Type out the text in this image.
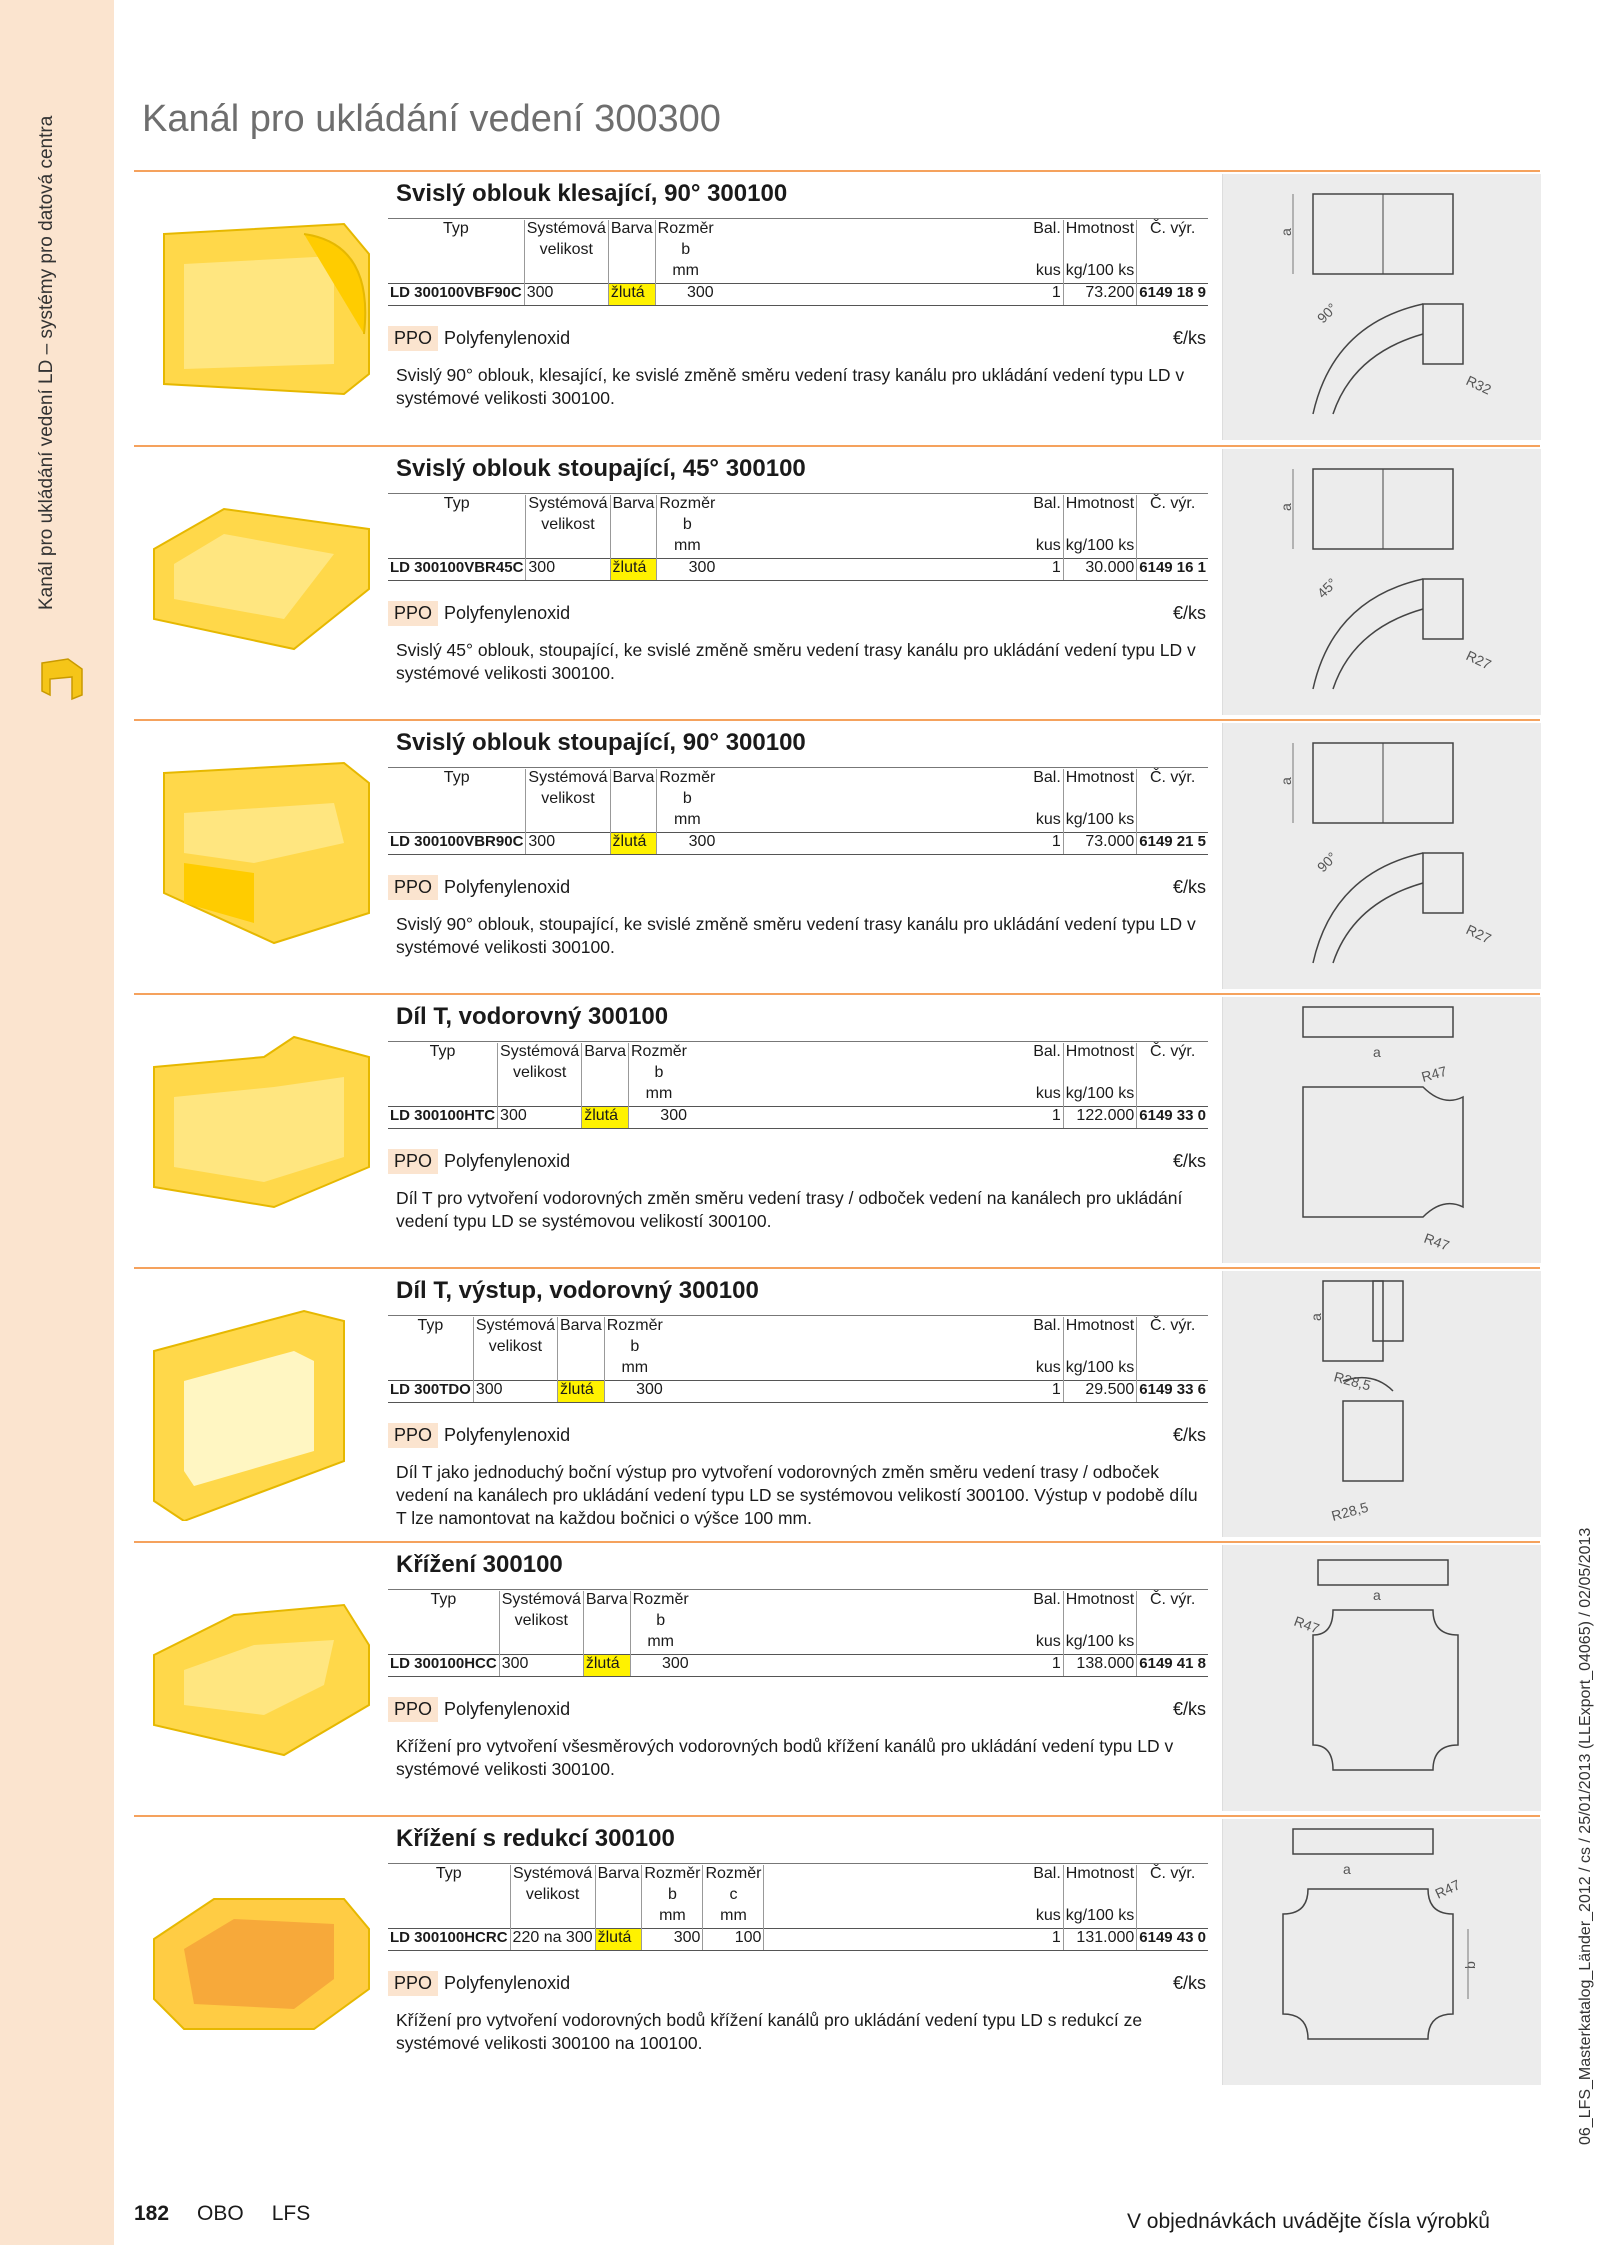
Kanál pro ukládání vedení LD – systémy pro datová centra Kanál pro ukládání vedení 300300
Svislý oblouk klesající, 90° 300100
Typ	Systémová	Barva	Rozměr		Bal.	Hmotnost	Č. výr.
	velikost		b				
			mm		kus	kg/100 ks	
LD 300100VBF90C	300	žlutá	300		1	73.200	6149 18 9
PPO Polyfenylenoxid	€/ks
Svislý 90° oblouk, klesající, ke svislé změně směru vedení trasy kanálu pro ukládání vedení typu LD v systémové velikosti 300100.
a
90°
R32
Svislý oblouk stoupající, 45° 300100
Typ	Systémová	Barva	Rozměr		Bal.	Hmotnost	Č. výr.
	velikost		b				
			mm		kus	kg/100 ks	
LD 300100VBR45C	300	žlutá	300		1	30.000	6149 16 1
PPO Polyfenylenoxid	€/ks
Svislý 45° oblouk, stoupající, ke svislé změně směru vedení trasy kanálu pro ukládání vedení typu LD v systémové velikosti 300100.
a
45°
R27
Svislý oblouk stoupající, 90° 300100
Typ	Systémová	Barva	Rozměr		Bal.	Hmotnost	Č. výr.
	velikost		b				
			mm		kus	kg/100 ks	
LD 300100VBR90C	300	žlutá	300		1	73.000	6149 21 5
PPO Polyfenylenoxid	€/ks
Svislý 90° oblouk, stoupající, ke svislé změně směru vedení trasy kanálu pro ukládání vedení typu LD v systémové velikosti 300100.
a
90°
R27
Díl T, vodorovný 300100
Typ	Systémová	Barva	Rozměr		Bal.	Hmotnost	Č. výr.
	velikost		b				
			mm		kus	kg/100 ks	
LD 300100HTC	300	žlutá	300		1	122.000	6149 33 0
PPO Polyfenylenoxid	€/ks
Díl T pro vytvoření vodorovných změn směru vedení trasy / odboček vedení na kanálech pro ukládání vedení typu LD se systémovou velikostí 300100.
a
R47
R47
Díl T, výstup, vodorovný 300100
Typ	Systémová	Barva	Rozměr		Bal.	Hmotnost	Č. výr.
	velikost		b				
			mm		kus	kg/100 ks	
LD 300TDO	300	žlutá	300		1	29.500	6149 33 6
PPO Polyfenylenoxid	€/ks
Díl T jako jednoduchý boční výstup pro vytvoření vodorovných změn směru vedení trasy / odboček vedení na kanálech pro ukládání vedení typu LD se systémovou velikostí 300100. Výstup v podobě dílu T lze namontovat na každou bočnici o výšce 100 mm.
a
R28,5
R28,5
Křížení 300100
Typ	Systémová	Barva	Rozměr		Bal.	Hmotnost	Č. výr.
	velikost		b				
			mm		kus	kg/100 ks	
LD 300100HCC	300	žlutá	300		1	138.000	6149 41 8
PPO Polyfenylenoxid	€/ks
Křížení pro vytvoření všesměrových vodorovných bodů křížení kanálů pro ukládání vedení typu LD v systémové velikosti 300100.
a
R47
Křížení s redukcí 300100
Typ	Systémová	Barva	Rozměr	Rozměr			Bal.	Hmotnost	Č. výr.
	velikost		b	c					
			mm	mm			kus	kg/100 ks	
LD 300100HCRC	220 na 300	žlutá	300	100			1	131.000	6149 43 0
PPO Polyfenylenoxid	€/ks
Křížení pro vytvoření vodorovných bodů křížení kanálů pro ukládání vedení typu LD s redukcí ze systémové velikosti 300100 na 100100.
a
R47
b
182 OBO LFS	V objednávkách uvádějte čísla výrobků
06_LFS_Masterkatalog_Länder_2012 / cs / 25/01/2013 (LLExport_04065) / 02/05/2013
